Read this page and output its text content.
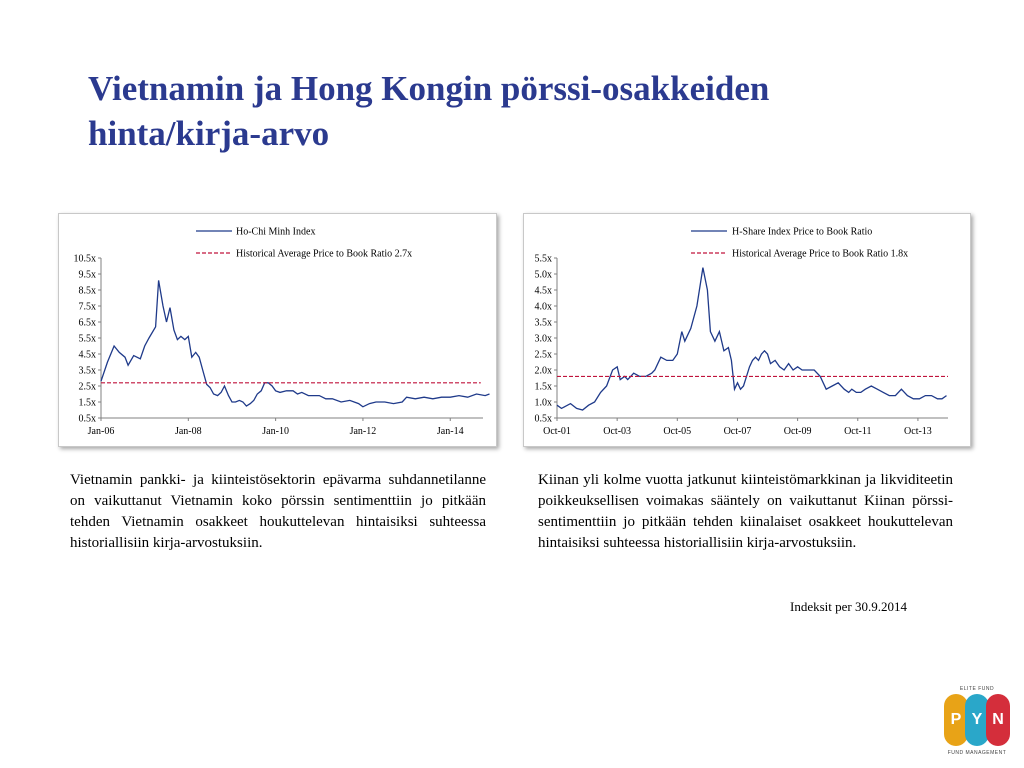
Vietnamin ja Hong Kongin pörssi-osakkeiden
hinta/kirja-arvo
10.5x
9.5x
8.5x
7.5x
6.5x
5.5x
4.5x
3.5x
2.5x
1.5x
0.5x
Jan-06	Jan-08	Jan-10	Jan-12	Jan-14
Ho-Chi Minh Index
Historical Average Price to Book Ratio 2.7x	5.5x
5.0x
4.5x
4.0x
3.5x
3.0x
2.5x
2.0x
1.5x
1.0x
0.5x
Oct-01	Oct-03	Oct-05	Oct-07	Oct-09	Oct-11	Oct-13
H-Share Index Price to Book Ratio
Historical Average Price to Book Ratio 1.8x

Vietnamin pankki- ja kiinteistösektorin epävarma suhdannetilanne on vaikuttanut Vietnamin koko pörssin sentimenttiin jo pitkään tehden Vietnamin osakkeet houkuttelevan hintaisiksi suhteessa historiallisiin kirja-arvostuksiin.

Kiinan yli kolme vuotta jatkunut kiinteistömarkkinan ja likviditeetin poikkeuksellisen voimakas sääntely on vaikuttanut Kiinan pörssi-sentimenttiin jo pitkään tehden kiinalaiset osakkeet houkuttelevan hintaisiksi suhteessa historiallisiin kirja-arvostuksiin.

Indeksit per 30.9.2014
ELITE FUND
P Y N
FUND MANAGEMENT
